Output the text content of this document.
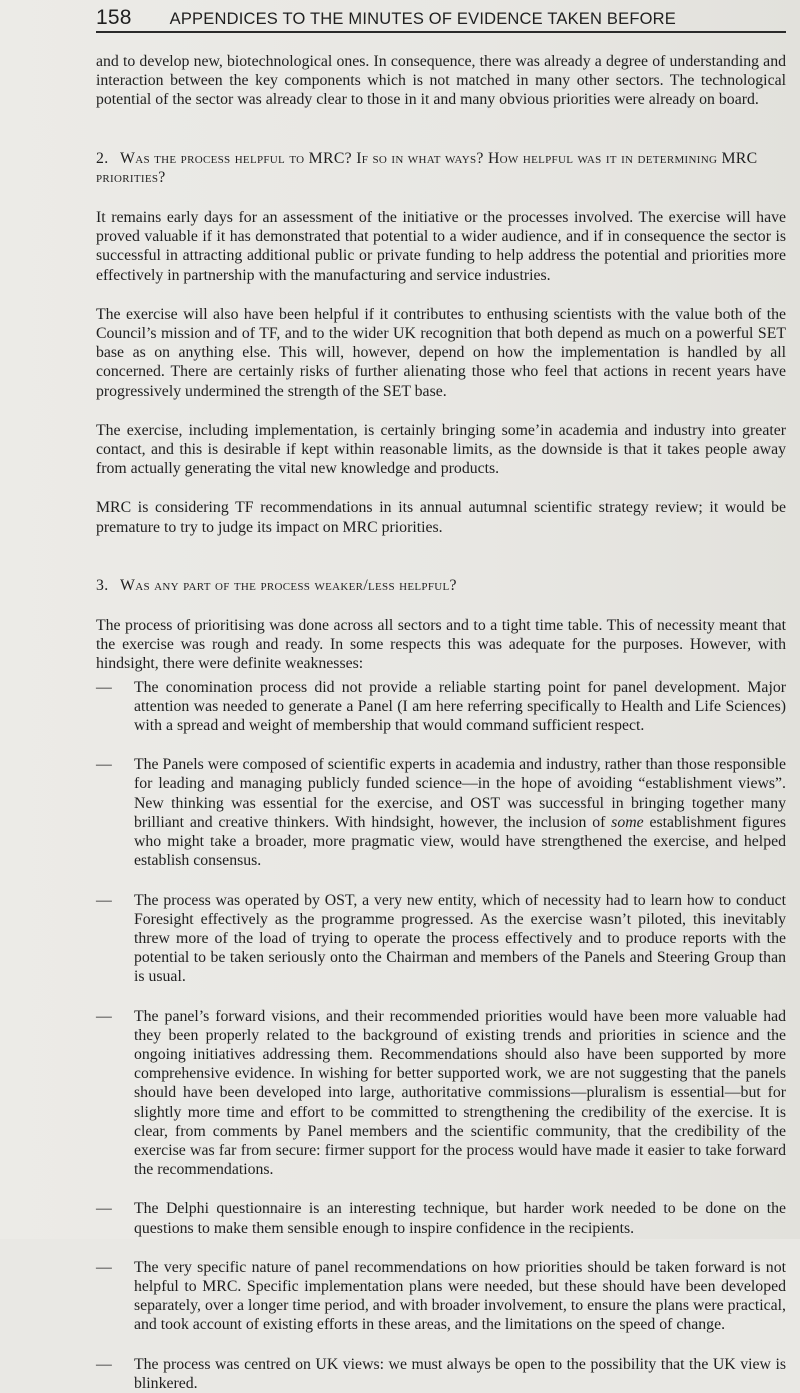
158 APPENDICES TO THE MINUTES OF EVIDENCE TAKEN BEFORE

and to develop new, biotechnological ones. In consequence, there was already a degree of understanding and interaction between the key components which is not matched in many other sectors. The technological potential of the sector was already clear to those in it and many obvious priorities were already on board.

2. Was the process helpful to MRC? If so in what ways? How helpful was it in determining MRC priorities?

It remains early days for an assessment of the initiative or the processes involved. The exercise will have proved valuable if it has demonstrated that potential to a wider audience, and if in consequence the sector is successful in attracting additional public or private funding to help address the potential and priorities more effectively in partnership with the manufacturing and service industries.

The exercise will also have been helpful if it contributes to enthusing scientists with the value both of the Council’s mission and of TF, and to the wider UK recognition that both depend as much on a powerful SET base as on anything else. This will, however, depend on how the implementation is handled by all concerned. There are certainly risks of further alienating those who feel that actions in recent years have progressively undermined the strength of the SET base.

The exercise, including implementation, is certainly bringing some’in academia and industry into greater contact, and this is desirable if kept within reasonable limits, as the downside is that it takes people away from actually generating the vital new knowledge and products.

MRC is considering TF recommendations in its annual autumnal scientific strategy review; it would be premature to try to judge its impact on MRC priorities.

3. Was any part of the process weaker/less helpful?

The process of prioritising was done across all sectors and to a tight time table. This of necessity meant that the exercise was rough and ready. In some respects this was adequate for the purposes. However, with hindsight, there were definite weaknesses:

—	The conomination process did not provide a reliable starting point for panel development. Major attention was needed to generate a Panel (I am here referring specifically to Health and Life Sciences) with a spread and weight of membership that would command sufficient respect.
—	The Panels were composed of scientific experts in academia and industry, rather than those responsible for leading and managing publicly funded science—in the hope of avoiding “establishment views”. New thinking was essential for the exercise, and OST was successful in bringing together many brilliant and creative thinkers. With hindsight, however, the inclusion of some establishment figures who might take a broader, more pragmatic view, would have strengthened the exercise, and helped establish consensus.
—	The process was operated by OST, a very new entity, which of necessity had to learn how to conduct Foresight effectively as the programme progressed. As the exercise wasn’t piloted, this inevitably threw more of the load of trying to operate the process effectively and to produce reports with the potential to be taken seriously onto the Chairman and members of the Panels and Steering Group than is usual.
—	The panel’s forward visions, and their recommended priorities would have been more valuable had they been properly related to the background of existing trends and priorities in science and the ongoing initiatives addressing them. Recommendations should also have been supported by more comprehensive evidence. In wishing for better supported work, we are not suggesting that the panels should have been developed into large, authoritative commissions—pluralism is essential—but for slightly more time and effort to be committed to strengthening the credibility of the exercise. It is clear, from comments by Panel members and the scientific community, that the credibility of the exercise was far from secure: firmer support for the process would have made it easier to take forward the recommendations.
—	The Delphi questionnaire is an interesting technique, but harder work needed to be done on the questions to make them sensible enough to inspire confidence in the recipients.
—	The very specific nature of panel recommendations on how priorities should be taken forward is not helpful to MRC. Specific implementation plans were needed, but these should have been developed separately, over a longer time period, and with broader involvement, to ensure the plans were practical, and took account of existing efforts in these areas, and the limitations on the speed of change.
—	The process was centred on UK views: we must always be open to the possibility that the UK view is blinkered.
